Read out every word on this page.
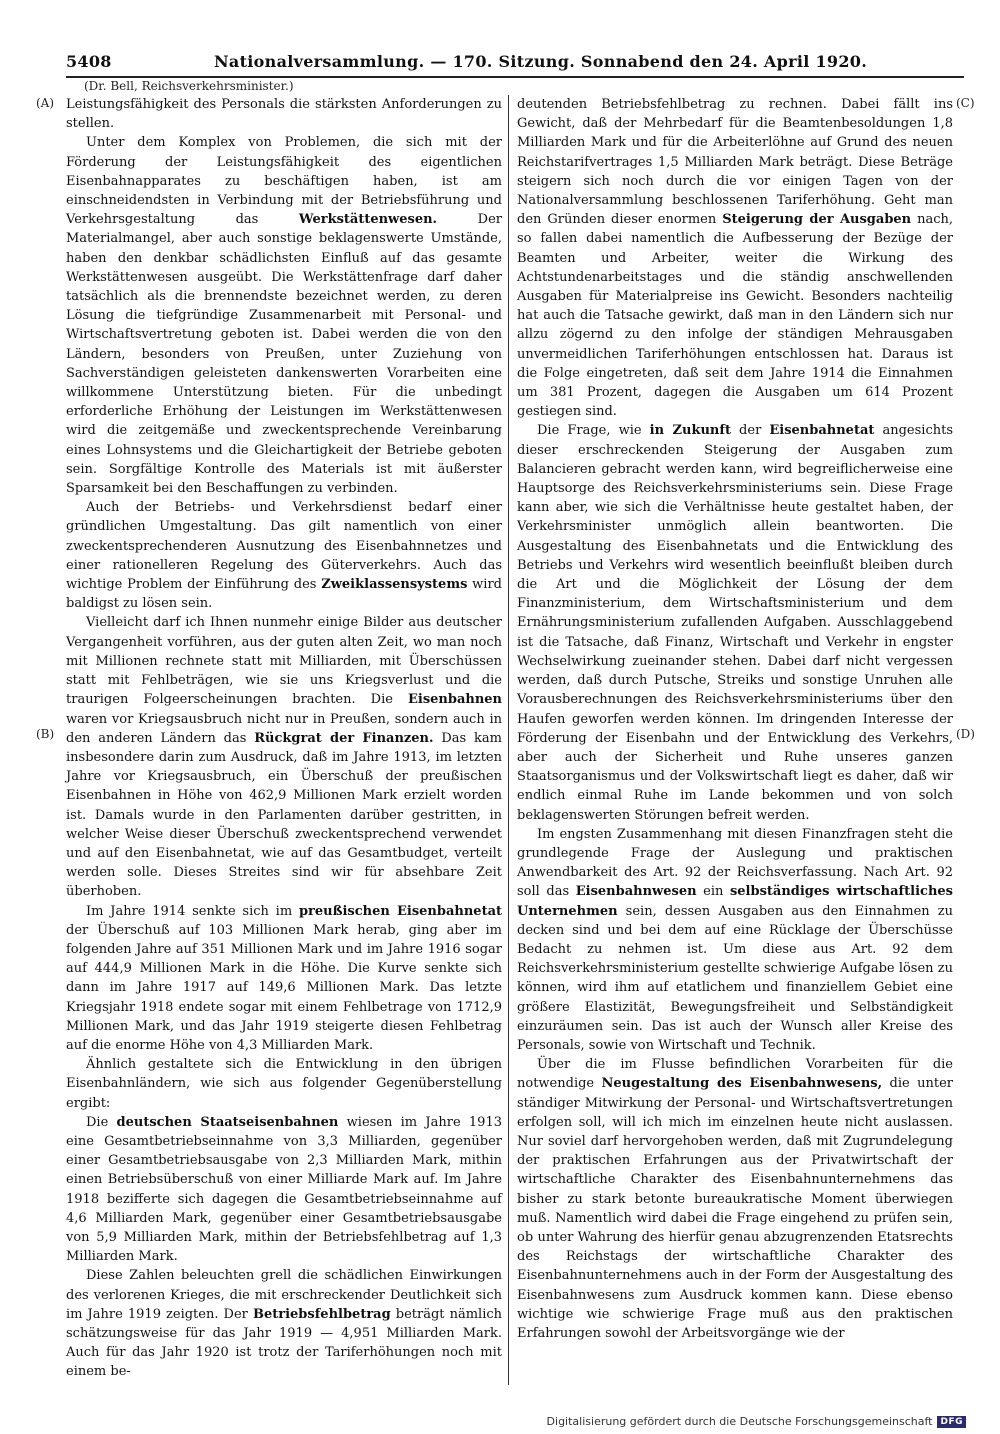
5408	Nationalversammlung. — 170. Sitzung. Sonnabend den 24. April 1920.
(Dr. Bell, Reichsverkehrsminister.)
(A)
(B)
(C)
(D)

Leistungsfähigkeit des Personals die stärksten Anforderungen zu stellen.

Unter dem Komplex von Problemen, die sich mit der Förderung der Leistungsfähigkeit des eigentlichen Eisenbahnapparates zu beschäftigen haben, ist am einschneidendsten in Verbindung mit der Betriebsführung und Verkehrsgestaltung das Werkstättenwesen. Der Materialmangel, aber auch sonstige beklagenswerte Umstände, haben den denkbar schädlichsten Einfluß auf das gesamte Werkstättenwesen ausgeübt. Die Werkstättenfrage darf daher tatsächlich als die brennendste bezeichnet werden, zu deren Lösung die tiefgründige Zusammenarbeit mit Personal- und Wirtschaftsvertretung geboten ist. Dabei werden die von den Ländern, besonders von Preußen, unter Zuziehung von Sachverständigen geleisteten dankenswerten Vorarbeiten eine willkommene Unterstützung bieten. Für die unbedingt erforderliche Erhöhung der Leistungen im Werkstättenwesen wird die zeitgemäße und zweckentsprechende Vereinbarung eines Lohnsystems und die Gleichartigkeit der Betriebe geboten sein. Sorgfältige Kontrolle des Materials ist mit äußerster Sparsamkeit bei den Beschaffungen zu verbinden.

Auch der Betriebs- und Verkehrsdienst bedarf einer gründlichen Umgestaltung. Das gilt namentlich von einer zweckentsprechenderen Ausnutzung des Eisenbahnnetzes und einer rationelleren Regelung des Güterverkehrs. Auch das wichtige Problem der Einführung des Zweiklassensystems wird baldigst zu lösen sein.

Vielleicht darf ich Ihnen nunmehr einige Bilder aus deutscher Vergangenheit vorführen, aus der guten alten Zeit, wo man noch mit Millionen rechnete statt mit Milliarden, mit Überschüssen statt mit Fehlbeträgen, wie sie uns Kriegsverlust und die traurigen Folgeerscheinungen brachten. Die Eisenbahnen waren vor Kriegsausbruch nicht nur in Preußen, sondern auch in den anderen Ländern das Rückgrat der Finanzen. Das kam insbesondere darin zum Ausdruck, daß im Jahre 1913, im letzten Jahre vor Kriegsausbruch, ein Überschuß der preußischen Eisenbahnen in Höhe von 462,9 Millionen Mark erzielt worden ist. Damals wurde in den Parlamenten darüber gestritten, in welcher Weise dieser Überschuß zweckentsprechend verwendet und auf den Eisenbahnetat, wie auf das Gesamtbudget, verteilt werden solle. Dieses Streites sind wir für absehbare Zeit überhoben.

Im Jahre 1914 senkte sich im preußischen Eisenbahnetat der Überschuß auf 103 Millionen Mark herab, ging aber im folgenden Jahre auf 351 Millionen Mark und im Jahre 1916 sogar auf 444,9 Millionen Mark in die Höhe. Die Kurve senkte sich dann im Jahre 1917 auf 149,6 Millionen Mark. Das letzte Kriegsjahr 1918 endete sogar mit einem Fehlbetrage von 1712,9 Millionen Mark, und das Jahr 1919 steigerte diesen Fehlbetrag auf die enorme Höhe von 4,3 Milliarden Mark.

Ähnlich gestaltete sich die Entwicklung in den übrigen Eisenbahnländern, wie sich aus folgender Gegenüberstellung ergibt:

Die deutschen Staatseisenbahnen wiesen im Jahre 1913 eine Gesamtbetriebseinnahme von 3,3 Milliarden, gegenüber einer Gesamtbetriebsausgabe von 2,3 Milliarden Mark, mithin einen Betriebsüberschuß von einer Milliarde Mark auf. Im Jahre 1918 bezifferte sich dagegen die Gesamtbetriebseinnahme auf 4,6 Milliarden Mark, gegenüber einer Gesamtbetriebsausgabe von 5,9 Milliarden Mark, mithin der Betriebsfehlbetrag auf 1,3 Milliarden Mark.

Diese Zahlen beleuchten grell die schädlichen Einwirkungen des verlorenen Krieges, die mit erschreckender Deutlichkeit sich im Jahre 1919 zeigten. Der Betriebsfehlbetrag beträgt nämlich schätzungsweise für das Jahr 1919 — 4,951 Milliarden Mark. Auch für das Jahr 1920 ist trotz der Tariferhöhungen noch mit einem be-

deutenden Betriebsfehlbetrag zu rechnen. Dabei fällt ins Gewicht, daß der Mehrbedarf für die Beamtenbesoldungen 1,8 Milliarden Mark und für die Arbeiterlöhne auf Grund des neuen Reichstarifvertrages 1,5 Milliarden Mark beträgt. Diese Beträge steigern sich noch durch die vor einigen Tagen von der Nationalversammlung beschlossenen Tariferhöhung. Geht man den Gründen dieser enormen Steigerung der Ausgaben nach, so fallen dabei namentlich die Aufbesserung der Bezüge der Beamten und Arbeiter, weiter die Wirkung des Achtstundenarbeitstages und die ständig anschwellenden Ausgaben für Materialpreise ins Gewicht. Besonders nachteilig hat auch die Tatsache gewirkt, daß man in den Ländern sich nur allzu zögernd zu den infolge der ständigen Mehrausgaben unvermeidlichen Tariferhöhungen entschlossen hat. Daraus ist die Folge eingetreten, daß seit dem Jahre 1914 die Einnahmen um 381 Prozent, dagegen die Ausgaben um 614 Prozent gestiegen sind.

Die Frage, wie in Zukunft der Eisenbahnetat angesichts dieser erschreckenden Steigerung der Ausgaben zum Balancieren gebracht werden kann, wird begreiflicherweise eine Hauptsorge des Reichsverkehrsministeriums sein. Diese Frage kann aber, wie sich die Verhältnisse heute gestaltet haben, der Verkehrsminister unmöglich allein beantworten. Die Ausgestaltung des Eisenbahnetats und die Entwicklung des Betriebs und Verkehrs wird wesentlich beeinflußt bleiben durch die Art und die Möglichkeit der Lösung der dem Finanzministerium, dem Wirtschaftsministerium und dem Ernährungsministerium zufallenden Aufgaben. Ausschlaggebend ist die Tatsache, daß Finanz, Wirtschaft und Verkehr in engster Wechselwirkung zueinander stehen. Dabei darf nicht vergessen werden, daß durch Putsche, Streiks und sonstige Unruhen alle Vorausberechnungen des Reichsverkehrsministeriums über den Haufen geworfen werden können. Im dringenden Interesse der Förderung der Eisenbahn und der Entwicklung des Verkehrs, aber auch der Sicherheit und Ruhe unseres ganzen Staatsorganismus und der Volkswirtschaft liegt es daher, daß wir endlich einmal Ruhe im Lande bekommen und von solch beklagenswerten Störungen befreit werden.

Im engsten Zusammenhang mit diesen Finanzfragen steht die grundlegende Frage der Auslegung und praktischen Anwendbarkeit des Art. 92 der Reichsverfassung. Nach Art. 92 soll das Eisenbahnwesen ein selbständiges wirtschaftliches Unternehmen sein, dessen Ausgaben aus den Einnahmen zu decken sind und bei dem auf eine Rücklage der Überschüsse Bedacht zu nehmen ist. Um diese aus Art. 92 dem Reichsverkehrsministerium gestellte schwierige Aufgabe lösen zu können, wird ihm auf etatlichem und finanziellem Gebiet eine größere Elastizität, Bewegungsfreiheit und Selbständigkeit einzuräumen sein. Das ist auch der Wunsch aller Kreise des Personals, sowie von Wirtschaft und Technik.

Über die im Flusse befindlichen Vorarbeiten für die notwendige Neugestaltung des Eisenbahnwesens, die unter ständiger Mitwirkung der Personal- und Wirtschaftsvertretungen erfolgen soll, will ich mich im einzelnen heute nicht auslassen. Nur soviel darf hervorgehoben werden, daß mit Zugrundelegung der praktischen Erfahrungen aus der Privatwirtschaft der wirtschaftliche Charakter des Eisenbahnunternehmens das bisher zu stark betonte bureaukratische Moment überwiegen muß. Namentlich wird dabei die Frage eingehend zu prüfen sein, ob unter Wahrung des hierfür genau abzugrenzenden Etatsrechts des Reichstags der wirtschaftliche Charakter des Eisenbahnunternehmens auch in der Form der Ausgestaltung des Eisenbahnwesens zum Ausdruck kommen kann. Diese ebenso wichtige wie schwierige Frage muß aus den praktischen Erfahrungen sowohl der Arbeitsvorgänge wie der

Digitalisierung gefördert durch die Deutsche Forschungsgemeinschaft DFG
